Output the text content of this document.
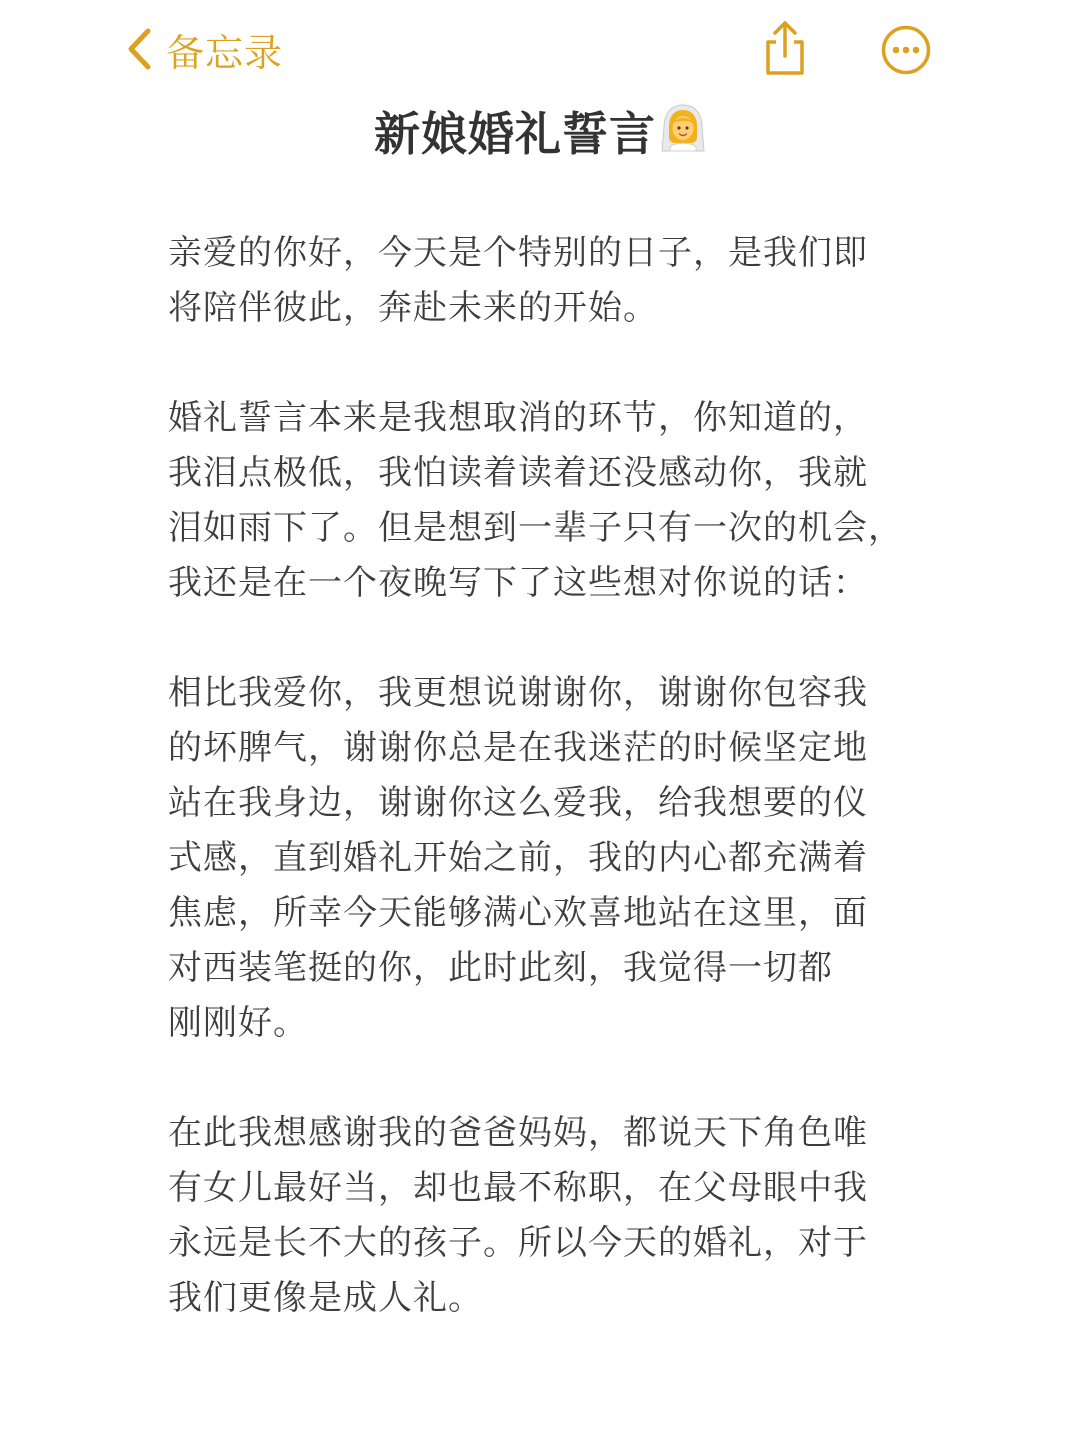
备忘录
新娘婚礼誓言
亲爱的你好，今天是个特别的日子，是我们即
将陪伴彼此，奔赴未来的开始。
婚礼誓言本来是我想取消的环节，你知道的，
我泪点极低，我怕读着读着还没感动你，我就
泪如雨下了。但是想到一辈子只有一次的机会，
我还是在一个夜晚写下了这些想对你说的话：
相比我爱你，我更想说谢谢你，谢谢你包容我
的坏脾气，谢谢你总是在我迷茫的时候坚定地
站在我身边，谢谢你这么爱我，给我想要的仪
式感，直到婚礼开始之前，我的内心都充满着
焦虑，所幸今天能够满心欢喜地站在这里，面
对西装笔挺的你，此时此刻，我觉得一切都
刚刚好。
在此我想感谢我的爸爸妈妈，都说天下角色唯
有女儿最好当，却也最不称职，在父母眼中我
永远是长不大的孩子。所以今天的婚礼，对于
我们更像是成人礼。
